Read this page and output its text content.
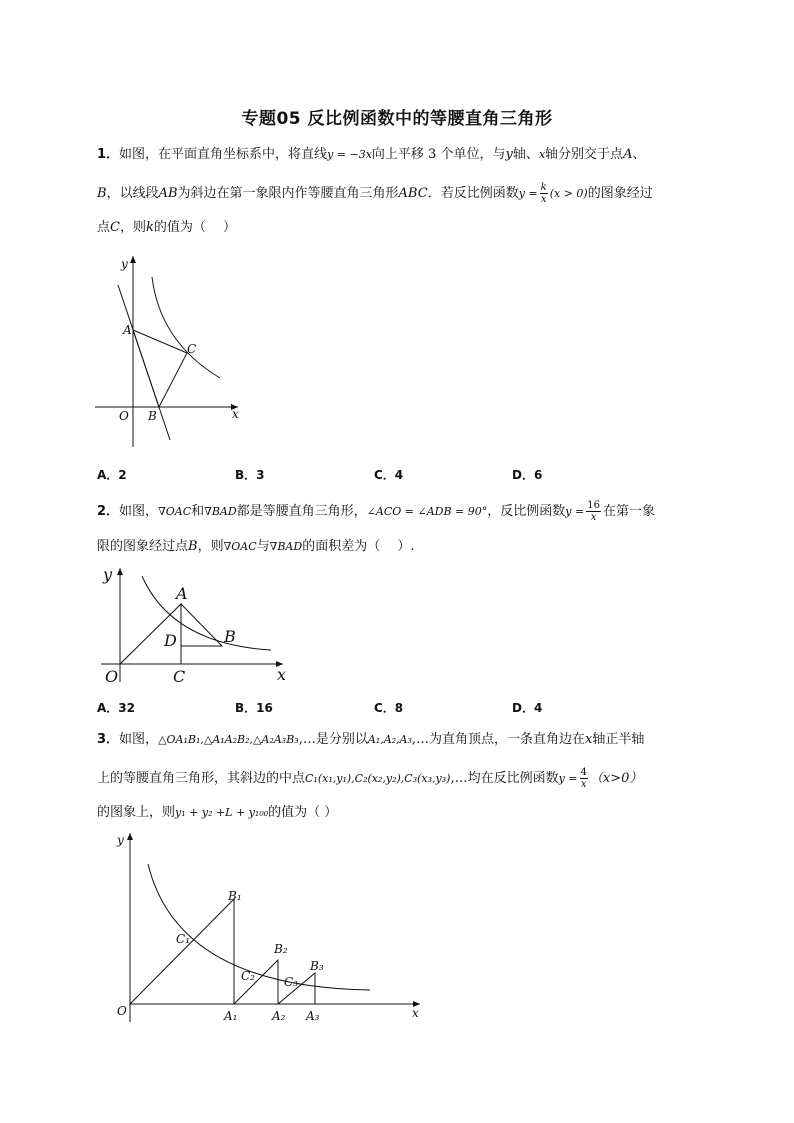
专题05 反比例函数中的等腰直角三角形
1．如图，在平面直角坐标系中，将直线y = −3x向上平移 3 个单位，与y轴、x轴分别交于点A、
B，以线段AB为斜边在第一象限内作等腰直角三角形ABC．若反比例函数$y = \frac{k}{x} (x > 0)$的图象经过
点C，则k的值为（　 ）
y
A
C
O B	x
A．2	B．3	C．4	D．6
2．如图，∇OAC和∇BAD都是等腰直角三角形，∠ACO = ∠ADB = 90°，反比例函数$y = \frac{16}{x}$ 在第一象
限的图象经过点B，则∇OAC与∇BAD的面积差为（　 ）.
y
A
D	B
O	C	x
A．32	B．16	C．8	D．4
3．如图，△OA₁B₁,△A₁A₂B₂,△A₂A₃B₃,…是分别以A₁,A₂,A₃,…为直角顶点，一条直角边在x轴正半轴
上的等腰直角三角形，其斜边的中点C₁(x₁,y₁),C₂(x₂,y₂),C₃(x₃,y₃),…均在反比例函数$y = \frac{4}{x} (x>0)$
的图象上，则y₁ + y₂ +L + y₁₀₀的值为（ ）
y
O	x
B₁
B₂
B₃
C₁
C₂ C₃
A₁	A₂ A₃
